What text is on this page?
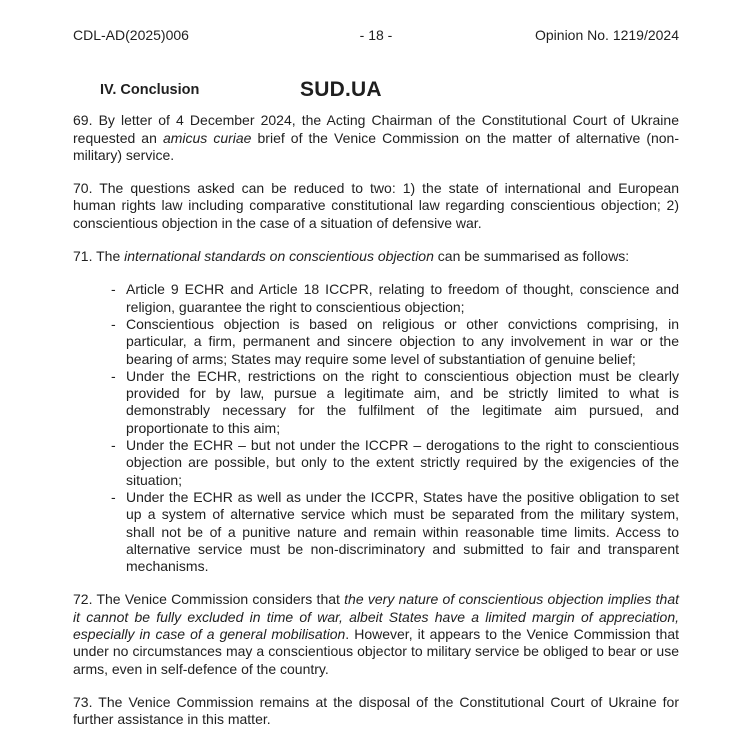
CDL-AD(2025)006	- 18 -	Opinion No. 1219/2024
IV. Conclusion	SUD.UA

69. By letter of 4 December 2024, the Acting Chairman of the Constitutional Court of Ukraine requested an amicus curiae brief of the Venice Commission on the matter of alternative (non-military) service.

70. The questions asked can be reduced to two: 1) the state of international and European human rights law including comparative constitutional law regarding conscientious objection; 2) conscientious objection in the case of a situation of defensive war.

71. The international standards on conscientious objection can be summarised as follows:

- Article 9 ECHR and Article 18 ICCPR, relating to freedom of thought, conscience and religion, guarantee the right to conscientious objection;
- Conscientious objection is based on religious or other convictions comprising, in particular, a firm, permanent and sincere objection to any involvement in war or the bearing of arms; States may require some level of substantiation of genuine belief;
- Under the ECHR, restrictions on the right to conscientious objection must be clearly provided for by law, pursue a legitimate aim, and be strictly limited to what is demonstrably necessary for the fulfilment of the legitimate aim pursued, and proportionate to this aim;
- Under the ECHR – but not under the ICCPR – derogations to the right to conscientious objection are possible, but only to the extent strictly required by the exigencies of the situation;
- Under the ECHR as well as under the ICCPR, States have the positive obligation to set up a system of alternative service which must be separated from the military system, shall not be of a punitive nature and remain within reasonable time limits. Access to alternative service must be non-discriminatory and submitted to fair and transparent mechanisms.

72. The Venice Commission considers that the very nature of conscientious objection implies that it cannot be fully excluded in time of war, albeit States have a limited margin of appreciation, especially in case of a general mobilisation. However, it appears to the Venice Commission that under no circumstances may a conscientious objector to military service be obliged to bear or use arms, even in self-defence of the country.

73. The Venice Commission remains at the disposal of the Constitutional Court of Ukraine for further assistance in this matter.
